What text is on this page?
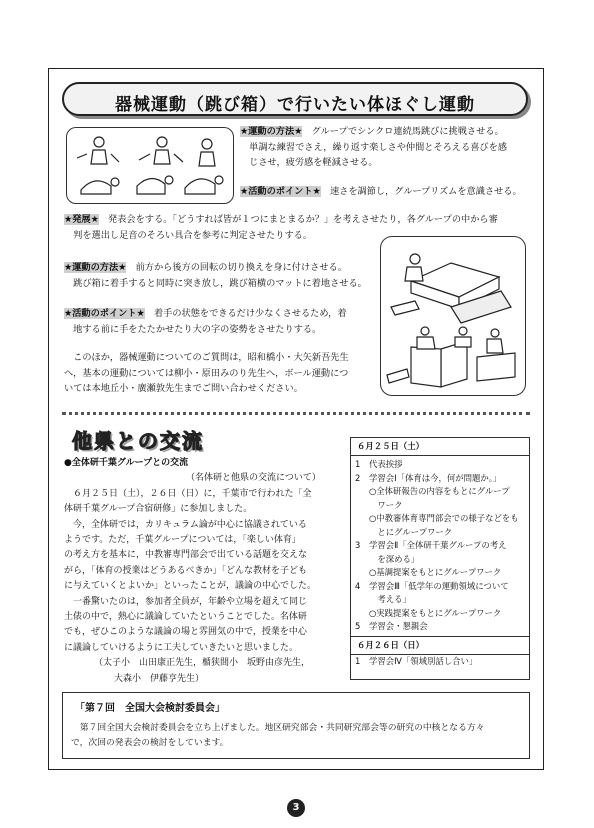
器械運動（跳び箱）で行いたい体ほぐし運動
★運動の方法★　グループでシンクロ連続馬跳びに挑戦させる。
　単調な練習でさえ，繰り返す楽しさや仲間とそろえる喜びを感
　じさせ，疲労感を軽減させる。
★活動のポイント★　速さを調節し，グループリズムを意識させる。
★発展★　発表会をする。「どうすれば皆が１つにまとまるか？」を考えさせたり，各グループの中から審
　判を選出し足音のそろい具合を参考に判定させたりする。
★運動の方法★　前方から後方の回転の切り換えを身に付けさせる。
　跳び箱に着手すると同時に突き放し，跳び箱横のマットに着地させる。
★活動のポイント★　着手の状態をできるだけ少なくさせるため，着
　地する前に手をたたかせたり大の字の姿勢をさせたりする。
　このほか，器械運動についてのご質問は，昭和橋小・大矢新吾先生
へ，基本の運動については柳小・原田みのり先生へ，ボール運動につ
いては本地丘小・廣瀬敦先生までご問い合わせください。
他県との交流
●全体研千葉グループとの交流
（名体研と他県の交流について）
　６月２５日（土），２６日（日）に，千葉市で行われた「全
体研千葉グループ合宿研修」に参加しました。
　今，全体研では，カリキュラム論が中心に協議されている
ようです。ただ，千葉グループについては，「楽しい体育」
の考え方を基本に，中教審専門部会で出ている話題を交えな
がら，「体育の授業はどうあるべきか」「どんな教材を子ども
に与えていくとよいか」といったことが，議論の中心でした。
　一番驚いたのは，参加者全員が，年齢や立場を超えて同じ
土俵の中で，熱心に議論していたということでした。名体研
でも，ぜひこのような議論の場と雰囲気の中で，授業を中心
に議論していけるように工夫していきたいと思いました。
（太子小　山田康正先生，楯狭間小　坂野由彦先生，
大森小　伊藤亨先生）
６月２５日（土）
1	代表挨拶
2	学習会Ⅰ「体育は今，何が問題か。」
○全体研報告の内容をもとにグループ
　ワーク
○中教審体育専門部会での様子などをも
　とにグループワーク
3	学習会Ⅱ「全体研千葉グループの考え
　を深める」
○基調提案をもとにグループワーク
4	学習会Ⅲ「低学年の運動領域について
　考える」
○実践提案をもとにグループワーク
5	学習会・懇親会
６月２６日（日）
1	学習会Ⅳ「領域別話し合い」
「第７回　全国大会検討委員会」
　第７回全国大会検討委員会を立ち上げました。地区研究部会・共同研究部会等の研究の中核となる方々
で，次回の発表会の検討をしています。
3
